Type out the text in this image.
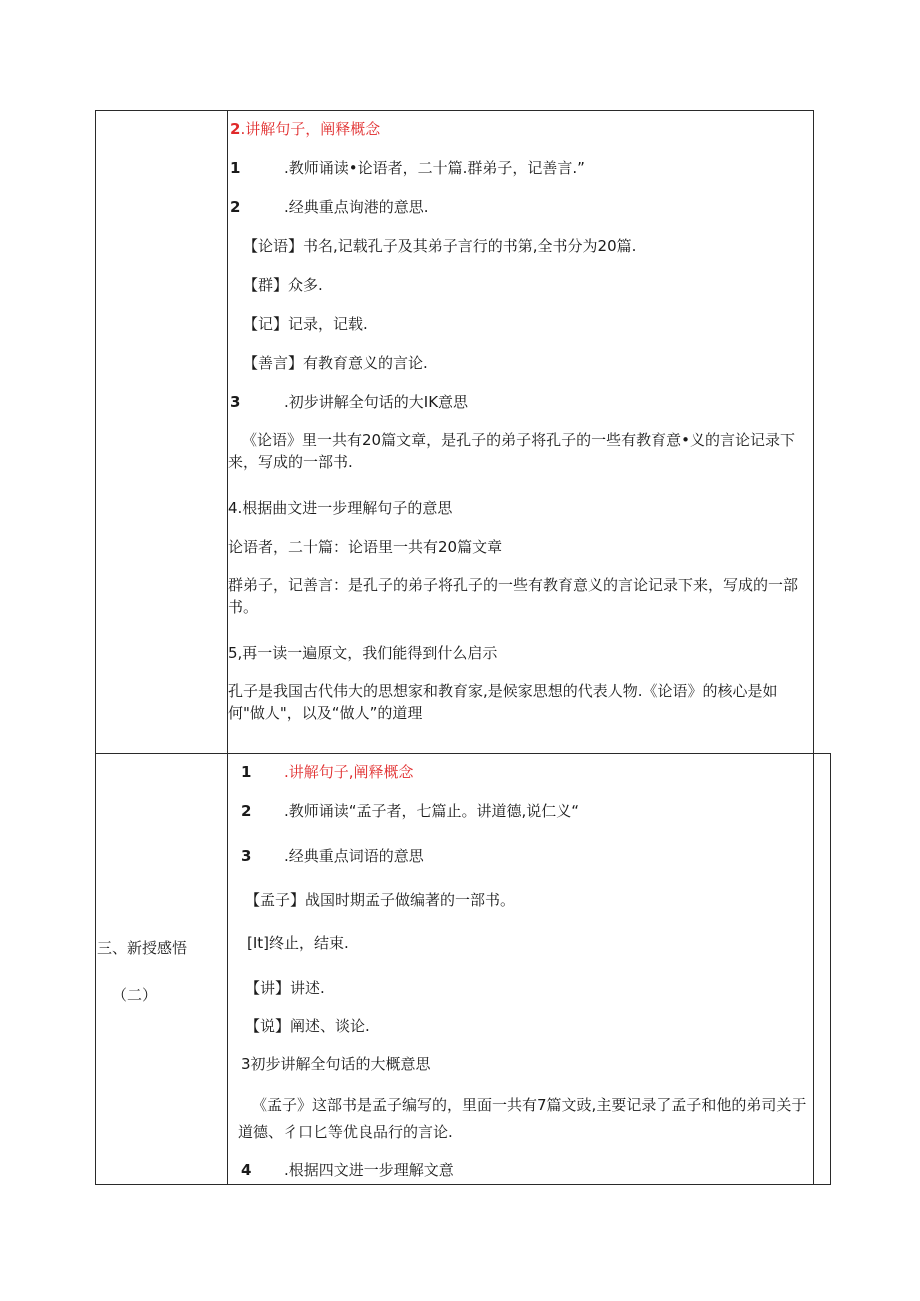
2.讲解句子，阐释概念
1	.教师诵读•论语者，二十篇.群弟子，记善言.”
2	.经典重点询港的意思.
【论语】书名,记载孔子及其弟子言行的书第,全书分为20篇.
【群】众多.
【记】记录，记载.
【善言】有教育意义的言论.
3	.初步讲解全句话的大IK意思
《论语》里一共有20篇文章，是孔子的弟子将孔子的一些有教育意•义的言论记录下来，写成的一部书.
4.根据曲文进一步理解句子的意思
论语者，二十篇：论语里一共有20篇文章
群弟子，记善言：是孔子的弟子将孔子的一些有教育意义的言论记录下来，写成的一部书。
5,再一读一遍原文，我们能得到什么启示
孔子是我国古代伟大的思想家和教育家,是候家思想的代表人物.《论语》的核心是如何"做人"，以及“做人”的道理
三、新授感悟
（二）
1 .讲解句子,阐释概念
2 .教师诵读“孟子者，七篇止。讲道德,说仁义“
3 .经典重点词语的意思
【孟子】战国时期孟子做编著的一部书。
[It]终止，结束.
【讲】讲述.
【说】阐述、谈论.
3初步讲解全句话的大概意思
《孟子》这部书是孟子编写的，里面一共有7篇文豉,主要记录了孟子和他的弟司关于道德、彳口匕等优良品行的言论.
4 .根据四文进一步理解文意
